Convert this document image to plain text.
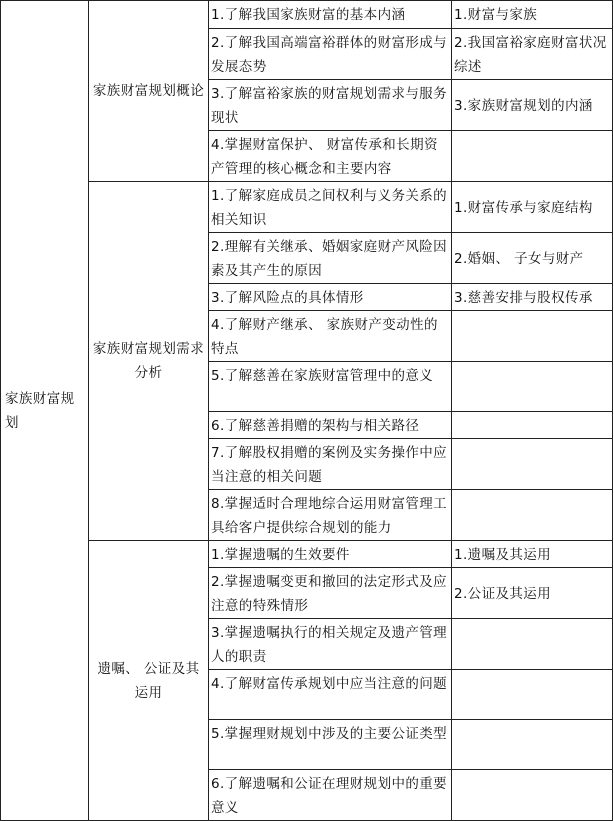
家族财富规划	家族财富规划概论	1.了解我国家族财富的基本内涵	1.财富与家族
		2.了解我国高端富裕群体的财富形成与发展态势	2.我国富裕家庭财富状况综述
		3.了解富裕家族的财富规划需求与服务现状	3.家族财富规划的内涵
		4.掌握财富保护、 财富传承和长期资产管理的核心概念和主要内容	
	家族财富规划需求分析	1.了解家庭成员之间权利与义务关系的相关知识	1.财富传承与家庭结构
		2.理解有关继承、婚姻家庭财产风险因素及其产生的原因	2.婚姻、 子女与财产
		3.了解风险点的具体情形	3.慈善安排与股权传承
		4.了解财产继承、 家族财产变动性的特点	
		5.了解慈善在家族财富管理中的意义	
		6.了解慈善捐赠的架构与相关路径	
		7.了解股权捐赠的案例及实务操作中应当注意的相关问题	
		8.掌握适时合理地综合运用财富管理工具给客户提供综合规划的能力	
	遗嘱、 公证及其运用	1.掌握遗嘱的生效要件	1.遗嘱及其运用
		2.掌握遗嘱变更和撤回的法定形式及应注意的特殊情形	2.公证及其运用
		3.掌握遗嘱执行的相关规定及遗产管理人的职责	
		4.了解财富传承规划中应当注意的问题	
		5.掌握理财规划中涉及的主要公证类型	
		6.了解遗嘱和公证在理财规划中的重要意义	
